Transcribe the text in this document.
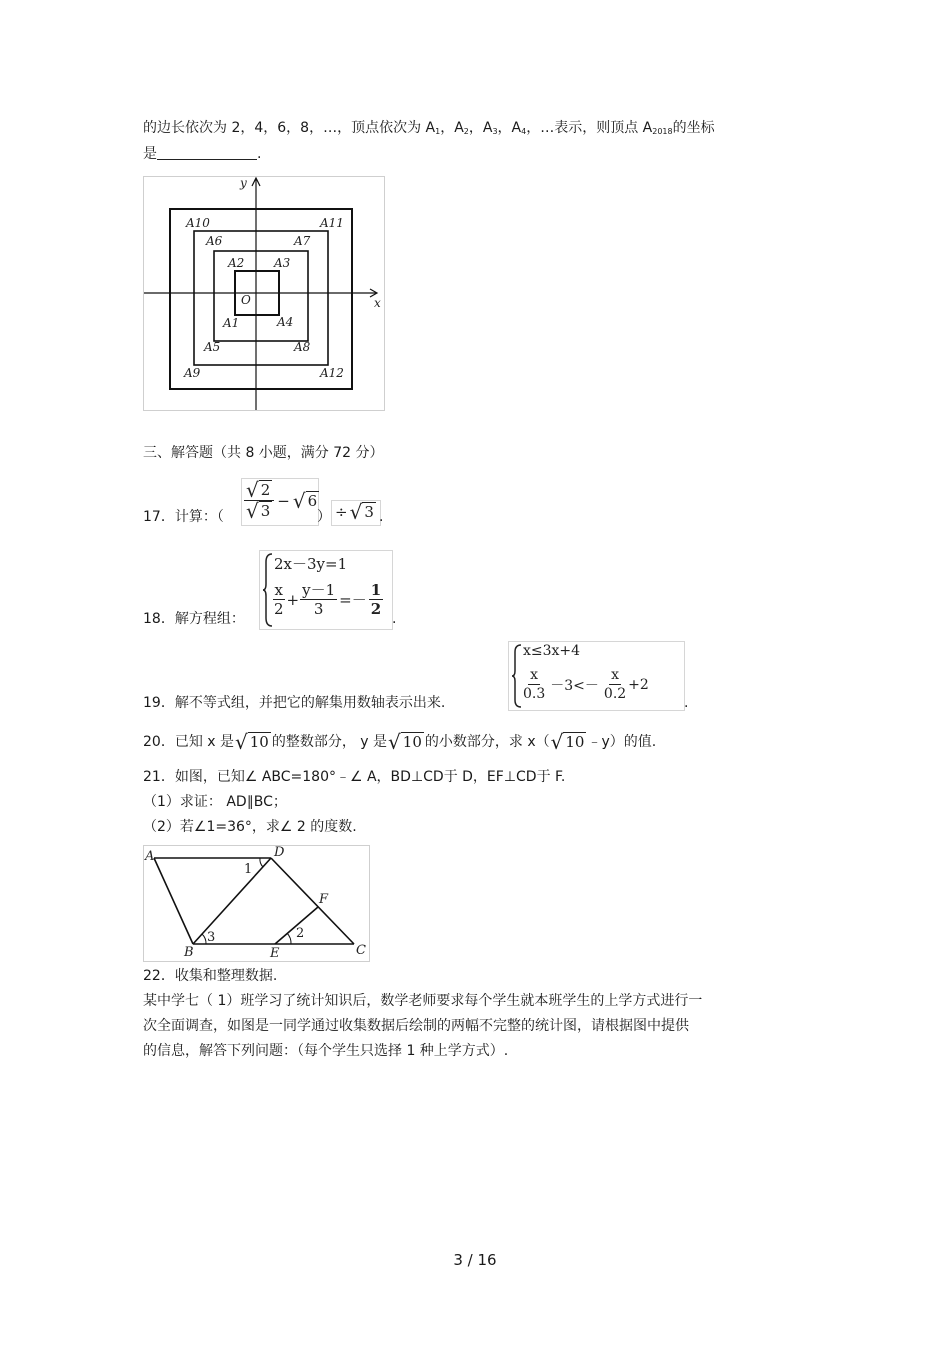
的边长依次为 2，4，6，8，…，顶点依次为 $A_1$，$A_2$，$A_3$，$A_4$，…表示，则顶点 $A_{2018}$的坐标
是	.
x
y
O
A1
A2 A3
A4
A5
A6	A7
A8
A9
A10	A11
A12
三、解答题（共 8 小题，满分 72 分）
17．计算：（ $\frac{√ 2}{√ 3}$ − √ 6
） ÷ √ 3 .
18．解方程组：
2x－3y=1
$\frac{x}{2} + \frac{y-1}{3} =- \frac{1}{2}$
.
19．解不等式组，并把它的解集用数轴表示出来.
x≤3x+4
$\frac{x}{0.3} -3<- \frac{x}{0.2} +2$
.
20．已知 x 是 √ 10 的整数部分， y 是 √ 10 的小数部分，求 x（ √ 10 ﹣y）的值.
21．如图，已知∠ ABC=180°﹣∠ A，BD⊥CD于 D，EF⊥CD于 F.
（1）求证： AD∥BC；
（2）若∠1=36°，求∠ 2 的度数.
A	D
B	E	C
F
1
2
3
22．收集和整理数据.
某中学七（ 1）班学习了统计知识后，数学老师要求每个学生就本班学生的上学方式进行一
次全面调查，如图是一同学通过收集数据后绘制的两幅不完整的统计图，请根据图中提供
的信息，解答下列问题：（每个学生只选择 1 种上学方式）.
3 / 16
